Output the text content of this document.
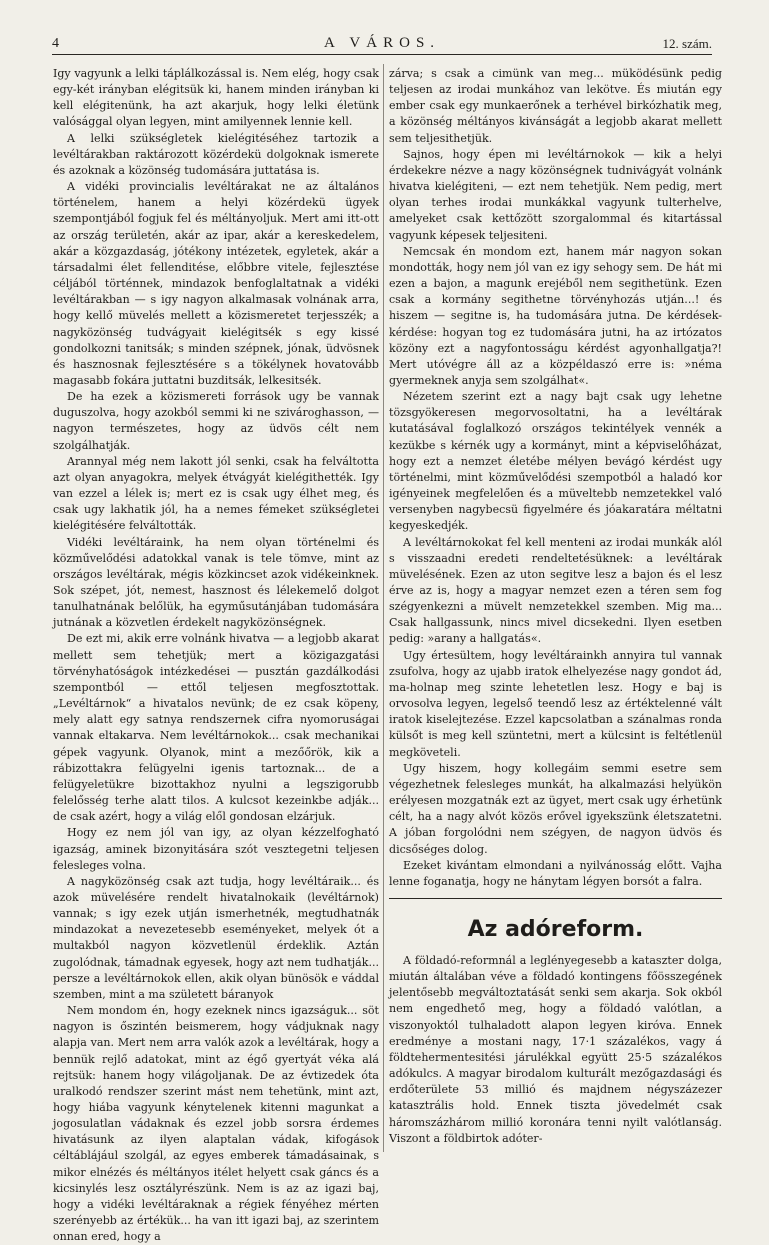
4	A VÁROS.	12. szám.

Igy vagyunk a lelki táplálkozással is. Nem elég, hogy csak egy-két irányban elégitsük ki, hanem minden irányban ki kell elégitenünk, ha azt akarjuk, hogy lelki életünk valósággal olyan legyen, mint amilyennek lennie kell.

A lelki szükségletek kielégitéséhez tartozik a levéltárakban raktározott közérdekü dolgoknak ismerete és azoknak a közönség tudomására juttatása is.

A vidéki provincialis levéltárakat ne az általános történelem, hanem a helyi közérdekü ügyek szempontjából fogjuk fel és méltányoljuk. Mert ami itt-ott az ország területén, akár az ipar, akár a kereskedelem, akár a közgazdaság, jótékony intézetek, egyletek, akár a társadalmi élet fellenditése, előbbre vitele, fejlesztése céljából történnek, mindazok benfoglaltatnak a vidéki levéltárakban — s igy nagyon alkalmasak volnának arra, hogy kellő müvelés mellett a közismeretet terjesszék; a nagyközönség tudvágyait kielégitsék s egy kissé gondolkozni tanitsák; s minden szépnek, jónak, üdvösnek és hasznosnak fejlesztésére s a tökélynek hovatovább magasabb fokára juttatni buzditsák, lelkesitsék.

De ha ezek a közismereti források ugy be vannak duguszolva, hogy azokból semmi ki ne szivároghasson, — nagyon természetes, hogy az üdvös célt nem szolgálhatják.

Arannyal még nem lakott jól senki, csak ha felváltotta azt olyan anyagokra, melyek étvágyát kielégithették. Igy van ezzel a lélek is; mert ez is csak ugy élhet meg, és csak ugy lakhatik jól, ha a nemes fémeket szükségletei kielégitésére felváltották.

Vidéki levéltáraink, ha nem olyan történelmi és közművelődési adatokkal vanak is tele tömve, mint az országos levéltárak, mégis közkincset azok vidékeinknek. Sok szépet, jót, nemest, hasznost és lélekemelő dolgot tanulhatnának belőlük, ha egyműsutánjában tudomására jutnának a közvetlen érdekelt nagyközönségnek.

De ezt mi, akik erre volnánk hivatva — a legjobb akarat mellett sem tehetjük; mert a közigazgatási törvényhatóságok intézkedései — pusztán gazdálkodási szempontból — ettől teljesen megfosztottak. „Levéltárnok“ a hivatalos nevünk; de ez csak köpeny, mely alatt egy satnya rendszernek cifra nyomoruságai vannak eltakarva. Nem levéltárnokok... csak mechanikai gépek vagyunk. Olyanok, mint a mezőőrök, kik a rábizottakra felügyelni igenis tartoznak... de a felügyeletükre bizottakhoz nyulni a legszigorubb felelősség terhe alatt tilos. A kulcsot kezeinkbe adják... de csak azért, hogy a világ elől gondosan elzárjuk.

Hogy ez nem jól van igy, az olyan kézzelfogható igazság, aminek bizonyitására szót vesztegetni teljesen felesleges volna.

A nagyközönség csak azt tudja, hogy levéltáraik... és azok müvelésére rendelt hivatalnokaik (levéltárnok) vannak; s igy ezek utján ismerhetnék, megtudhatnák mindazokat a nevezetesebb eseményeket, melyek ót a multakból nagyon közvetlenül érdeklik. Aztán zugolódnak, támadnak egyesek, hogy azt nem tudhatják... persze a levéltárnokok ellen, akik olyan bünösök e váddal szemben, mint a ma született báranyok

Nem mondom én, hogy ezeknek nincs igazságuk... söt nagyon is őszintén beismerem, hogy vádjuknak nagy alapja van. Mert nem arra valók azok a levéltárak, hogy a bennük rejlő adatokat, mint az égő gyertyát véka alá rejtsük: hanem hogy világoljanak. De az évtizedek óta uralkodó rendszer szerint mást nem tehetünk, mint azt, hogy hiába vagyunk kénytelenek kitenni magunkat a jogosulatlan vádaknak és ezzel jobb sorsra érdemes hivatásunk az ilyen alaptalan vádak, kifogások céltáblájául szolgál, az egyes emberek támadásainak, s mikor elnézés és méltányos itélet helyett csak gáncs és a kicsinylés lesz osztályrészünk. Nem is az az igazi baj, hogy a vidéki levéltáraknak a régiek fényéhez mérten szerényebb az értékük... ha van itt igazi baj, az szerintem onnan ered, hogy a

zárva; s csak a cimünk van meg... müködésünk pedig teljesen az irodai munkához van lekötve. És miután egy ember csak egy munkaerőnek a terhével birkózhatik meg, a közönség méltányos kivánságát a legjobb akarat mellett sem teljesithetjük.

Sajnos, hogy épen mi levéltárnokok — kik a helyi érdekekre nézve a nagy közönségnek tudnivágyát volnánk hivatva kielégiteni, — ezt nem tehetjük. Nem pedig, mert olyan terhes irodai munkákkal vagyunk tulterhelve, amelyeket csak kettőzött szorgalommal és kitartással vagyunk képesek teljesiteni.

Nemcsak én mondom ezt, hanem már nagyon sokan mondották, hogy nem jól van ez igy sehogy sem. De hát mi ezen a bajon, a magunk erejéből nem segithetünk. Ezen csak a kormány segithetne törvényhozás utján...! és hiszem — segitne is, ha tudomására jutna. De kérdések-kérdése: hogyan tog ez tudomására jutni, ha az irtózatos közöny ezt a nagyfontosságu kérdést agyonhallgatja?! Mert utóvégre áll az a közpéldaszó erre is: »néma gyermeknek anyja sem szolgálhat«.

Nézetem szerint ezt a nagy bajt csak ugy lehetne tözsgyökeresen megorvosoltatni, ha a levéltárak kutatásával foglalkozó országos tekintélyek vennék a kezükbe s kérnék ugy a kormányt, mint a képviselőházat, hogy ezt a nemzet életébe mélyen bevágó kérdést ugy történelmi, mint közművelődési szempotból a haladó kor igényeinek megfelelően és a müveltebb nemzetekkel való versenyben nagybecsü figyelmére és jóakaratára méltatni kegyeskedjék.

A levéltárnokokat fel kell menteni az irodai munkák alól s visszaadni eredeti rendeltetésüknek: a levéltárak müvelésének. Ezen az uton segitve lesz a bajon és el lesz érve az is, hogy a magyar nemzet ezen a téren sem fog szégyenkezni a müvelt nemzetekkel szemben. Mig ma... Csak hallgassunk, nincs mivel dicsekedni. Ilyen esetben pedig: »arany a hallgatás«.

Ugy értesültem, hogy levéltárainkh annyira tul vannak zsufolva, hogy az ujabb iratok elhelyezése nagy gondot ád, ma-holnap meg szinte lehetetlen lesz. Hogy e baj is orvosolva legyen, legelső teendő lesz az értéktelenné vált iratok kiselejtezése. Ezzel kapcsolatban a szánalmas ronda külsőt is meg kell szüntetni, mert a külcsint is feltétlenül megköveteli.

Ugy hiszem, hogy kollegáim semmi esetre sem végezhetnek felesleges munkát, ha alkalmazási helyükön erélyesen mozgatnák ezt az ügyet, mert csak ugy érhetünk célt, ha a nagy alvót közös erővel igyekszünk életszatetni. A jóban forgolódni nem szégyen, de nagyon üdvös és dicsőséges dolog.

Ezeket kivántam elmondani a nyilvánosság előtt. Vajha lenne foganatja, hogy ne hánytam légyen borsót a falra.

Az adóreform.

A földadó-reformnál a leglényegesebb a kataszter dolga, miután általában véve a földadó kontingens főösszegének jelentősebb megváltoztatását senki sem akarja. Sok okból nem engedhető meg, hogy a földadó valótlan, a viszonyoktól tulhaladott alapon legyen kiróva. Ennek eredménye a mostani nagy, 17·1 százalékos, vagy á földtehermentesitési járulékkal együtt 25·5 százalékos adókulcs. A magyar birodalom kulturált mezőgazdasági és erdőterülete 53 millió és majdnem négyszázezer katasztrális hold. Ennek tiszta jövedelmét csak háromszázhárom millió koronára tenni nyilt valótlanság. Viszont a földbirtok adóter-
